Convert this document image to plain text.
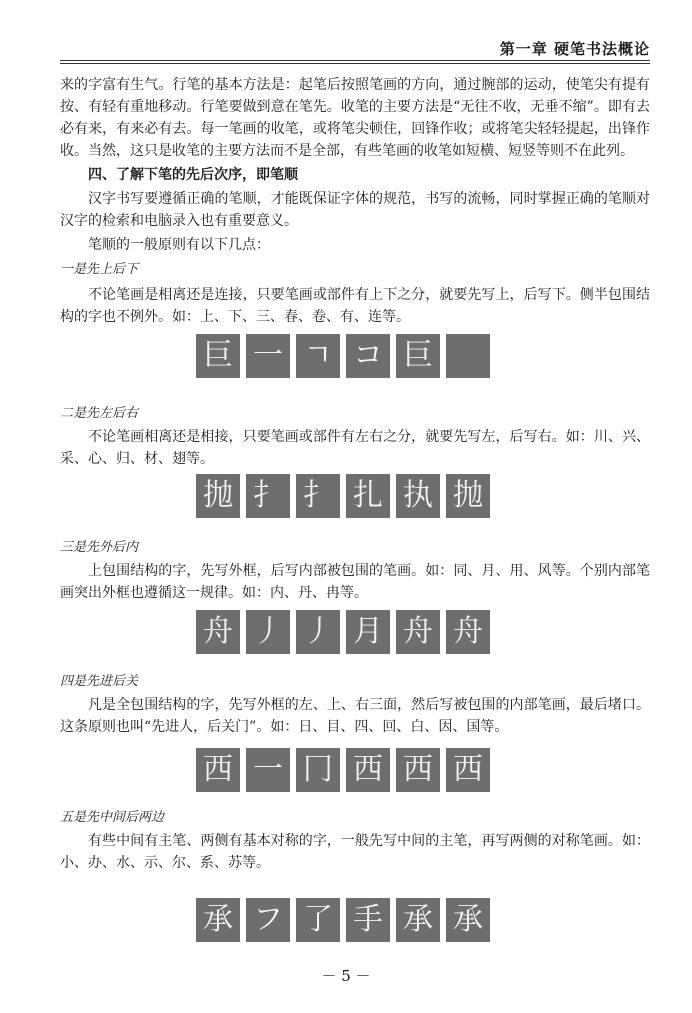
第一章 硬笔书法概论

来的字富有生气。行笔的基本方法是：起笔后按照笔画的方向，通过腕部的运动，使笔尖有提有按、有轻有重地移动。行笔要做到意在笔先。收笔的主要方法是“无往不收，无垂不缩”。即有去必有来，有来必有去。每一笔画的收笔，或将笔尖顿住，回锋作收；或将笔尖轻轻提起，出锋作收。当然，这只是收笔的主要方法而不是全部，有些笔画的收笔如短横、短竖等则不在此列。

四、了解下笔的先后次序，即笔顺

汉字书写要遵循正确的笔顺，才能既保证字体的规范，书写的流畅，同时掌握正确的笔顺对汉字的检索和电脑录入也有重要意义。

笔顺的一般原则有以下几点：

一是先上后下

不论笔画是相离还是连接，只要笔画或部件有上下之分，就要先写上，后写下。侧半包围结构的字也不例外。如：上、下、三、春、卷、有、连等。

巨 一 ㄱ コ 巨
二是先左后右

不论笔画相离还是相接，只要笔画或部件有左右之分，就要先写左，后写右。如：川、兴、采、心、归、材、翅等。

抛 扌 扌 扎 执 抛
三是先外后内

上包围结构的字，先写外框，后写内部被包围的笔画。如：同、月、用、风等。个别内部笔画突出外框也遵循这一规律。如：内、丹、冉等。

舟 丿 丿 月 舟 舟
四是先进后关

凡是全包围结构的字，先写外框的左、上、右三面，然后写被包围的内部笔画，最后堵口。这条原则也叫“先进人，后关门”。如：日、目、四、回、白、因、国等。

西 一 冂 西 西 西
五是先中间后两边

有些中间有主笔、两侧有基本对称的字，一般先写中间的主笔，再写两侧的对称笔画。如：小、办、水、示、尔、系、苏等。

承 フ 了 手 承 承
－ 5 －
